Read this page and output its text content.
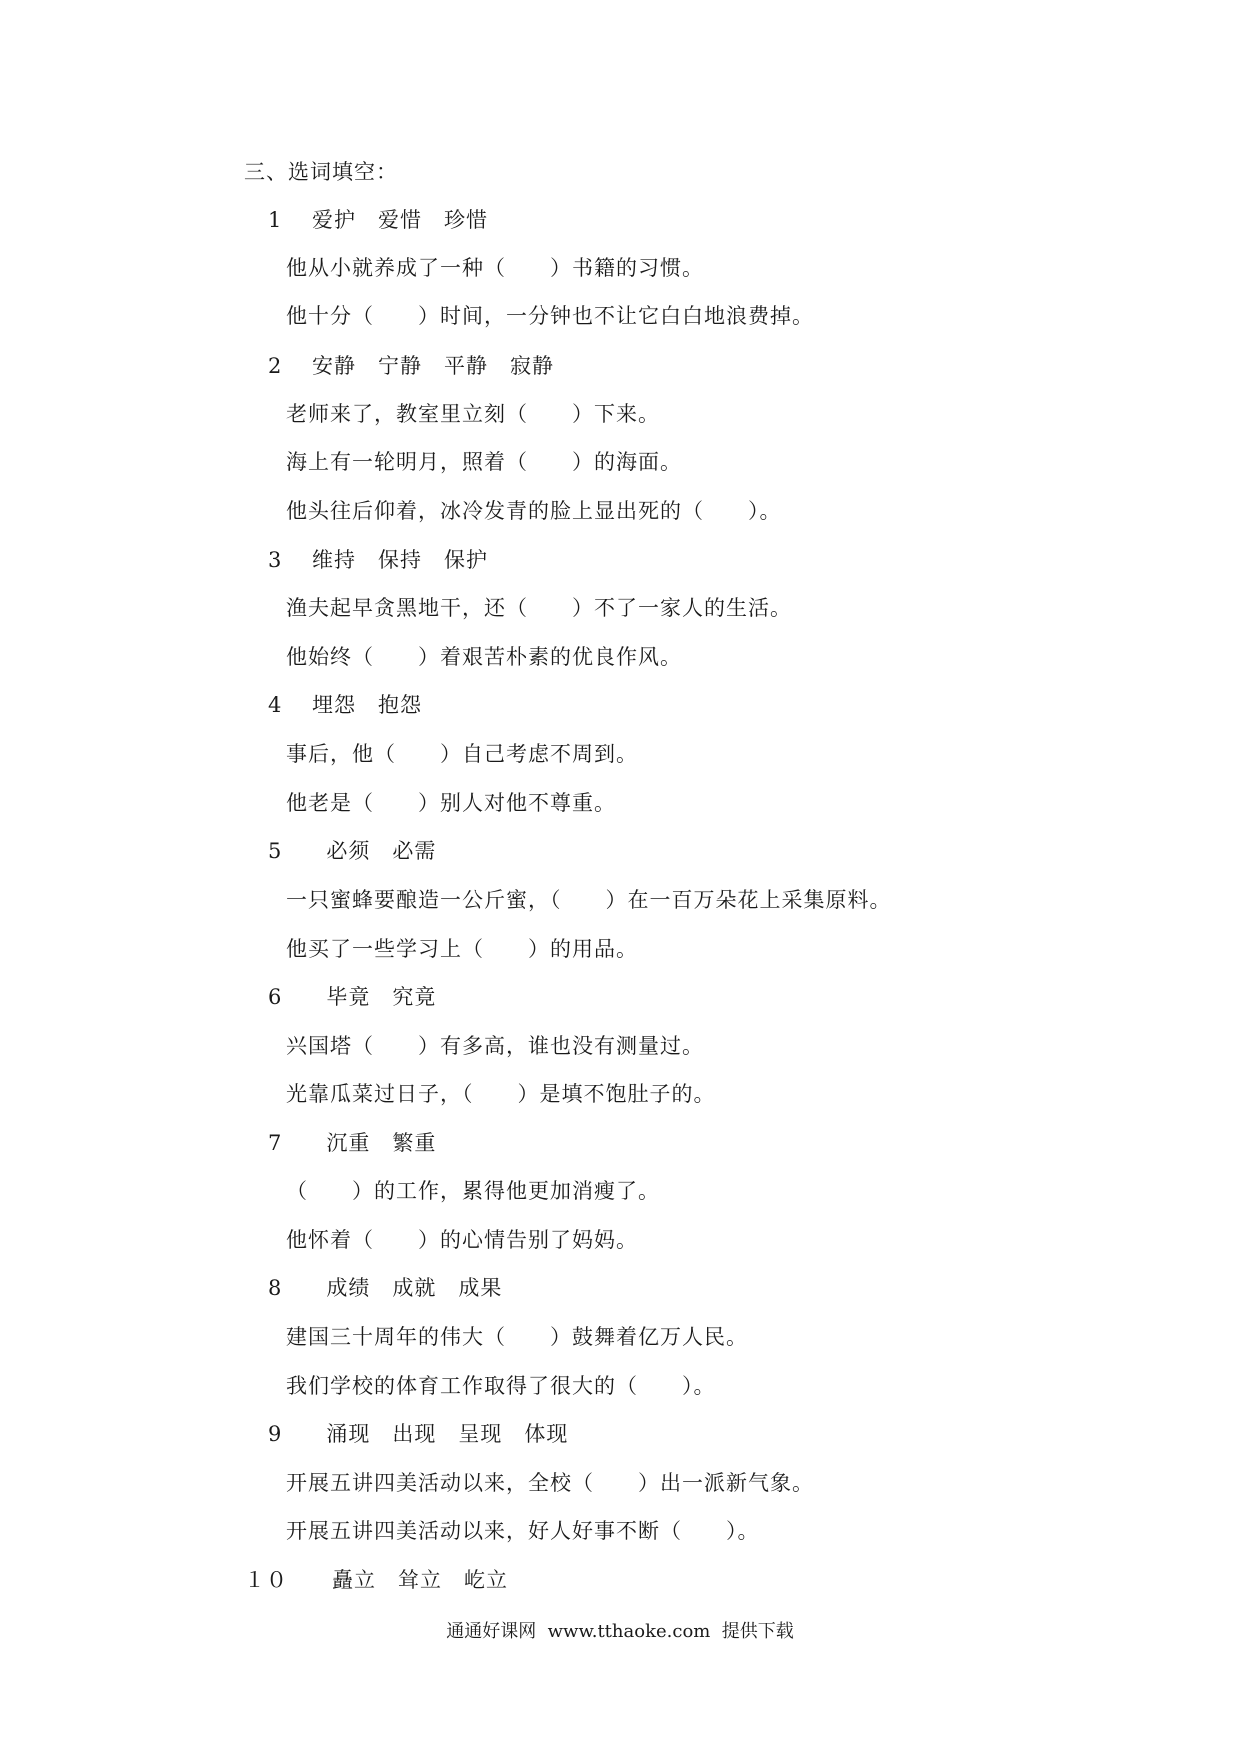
三、选词填空：
1　 爱护　爱惜　珍惜
他从小就养成了一种（　　）书籍的习惯。
他十分（　　）时间，一分钟也不让它白白地浪费掉。
2　 安静　宁静　平静　寂静
老师来了，教室里立刻（　　）下来。
海上有一轮明月，照着（　　）的海面。
他头往后仰着，冰冷发青的脸上显出死的（　　）。
3　 维持　保持　保护
渔夫起早贪黑地干，还（　　）不了一家人的生活。
他始终（　　）着艰苦朴素的优良作风。
4　 埋怨　抱怨
事后，他（　　）自己考虑不周到。
他老是（　　）别人对他不尊重。
5　　必须　必需
一只蜜蜂要酿造一公斤蜜，（　　）在一百万朵花上采集原料。
他买了一些学习上（　　）的用品。
6　　毕竟　究竟
兴国塔（　　）有多高，谁也没有测量过。
光靠瓜菜过日子，（　　）是填不饱肚子的。
7　　沉重　繁重
（　　）的工作，累得他更加消瘦了。
他怀着（　　）的心情告别了妈妈。
8　　成绩　成就　成果
建国三十周年的伟大（　　）鼓舞着亿万人民。
我们学校的体育工作取得了很大的（　　）。
9　　涌现　出现　呈现　体现
开展五讲四美活动以来，全校（　　）出一派新气象。
开展五讲四美活动以来，好人好事不断（　　）。
１０　　矗立　耸立　屹立
通通好课网  www.tthaoke.com  提供下载
